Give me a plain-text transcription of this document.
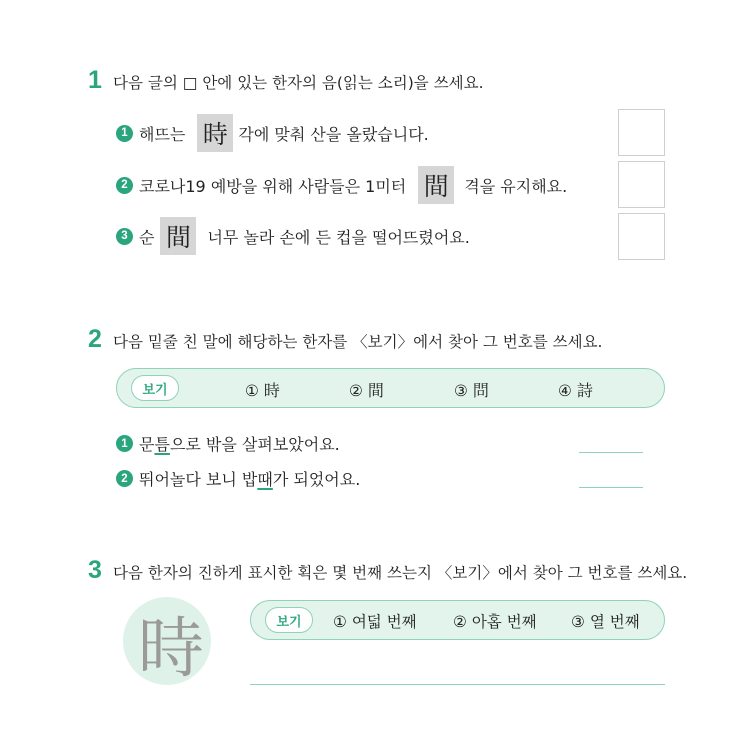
1 다음 글의 □ 안에 있는 한자의 음(읽는 소리)을 쓰세요.
1 해뜨는 時 각에 맞춰 산을 올랐습니다.
2 코로나19 예방을 위해 사람들은 1미터 間 격을 유지해요.
3 순 間	너무 놀라 손에 든 컵을 떨어뜨렸어요.
2 다음 밑줄 친 말에 해당하는 한자를 〈보기〉에서 찾아 그 번호를 쓰세요.
보기	① 時	② 間	③ 問	④ 詩
1 문 틈 으로 밖을 살펴보았어요.
2 뛰어놀다 보니 밥 때 가 되었어요.
3 다음 한자의 진하게 표시한 획은 몇 번째 쓰는지 〈보기〉에서 찾아 그 번호를 쓰세요.
時	보기	① 여덟 번째 ② 아홉 번째 ③ 열 번째
